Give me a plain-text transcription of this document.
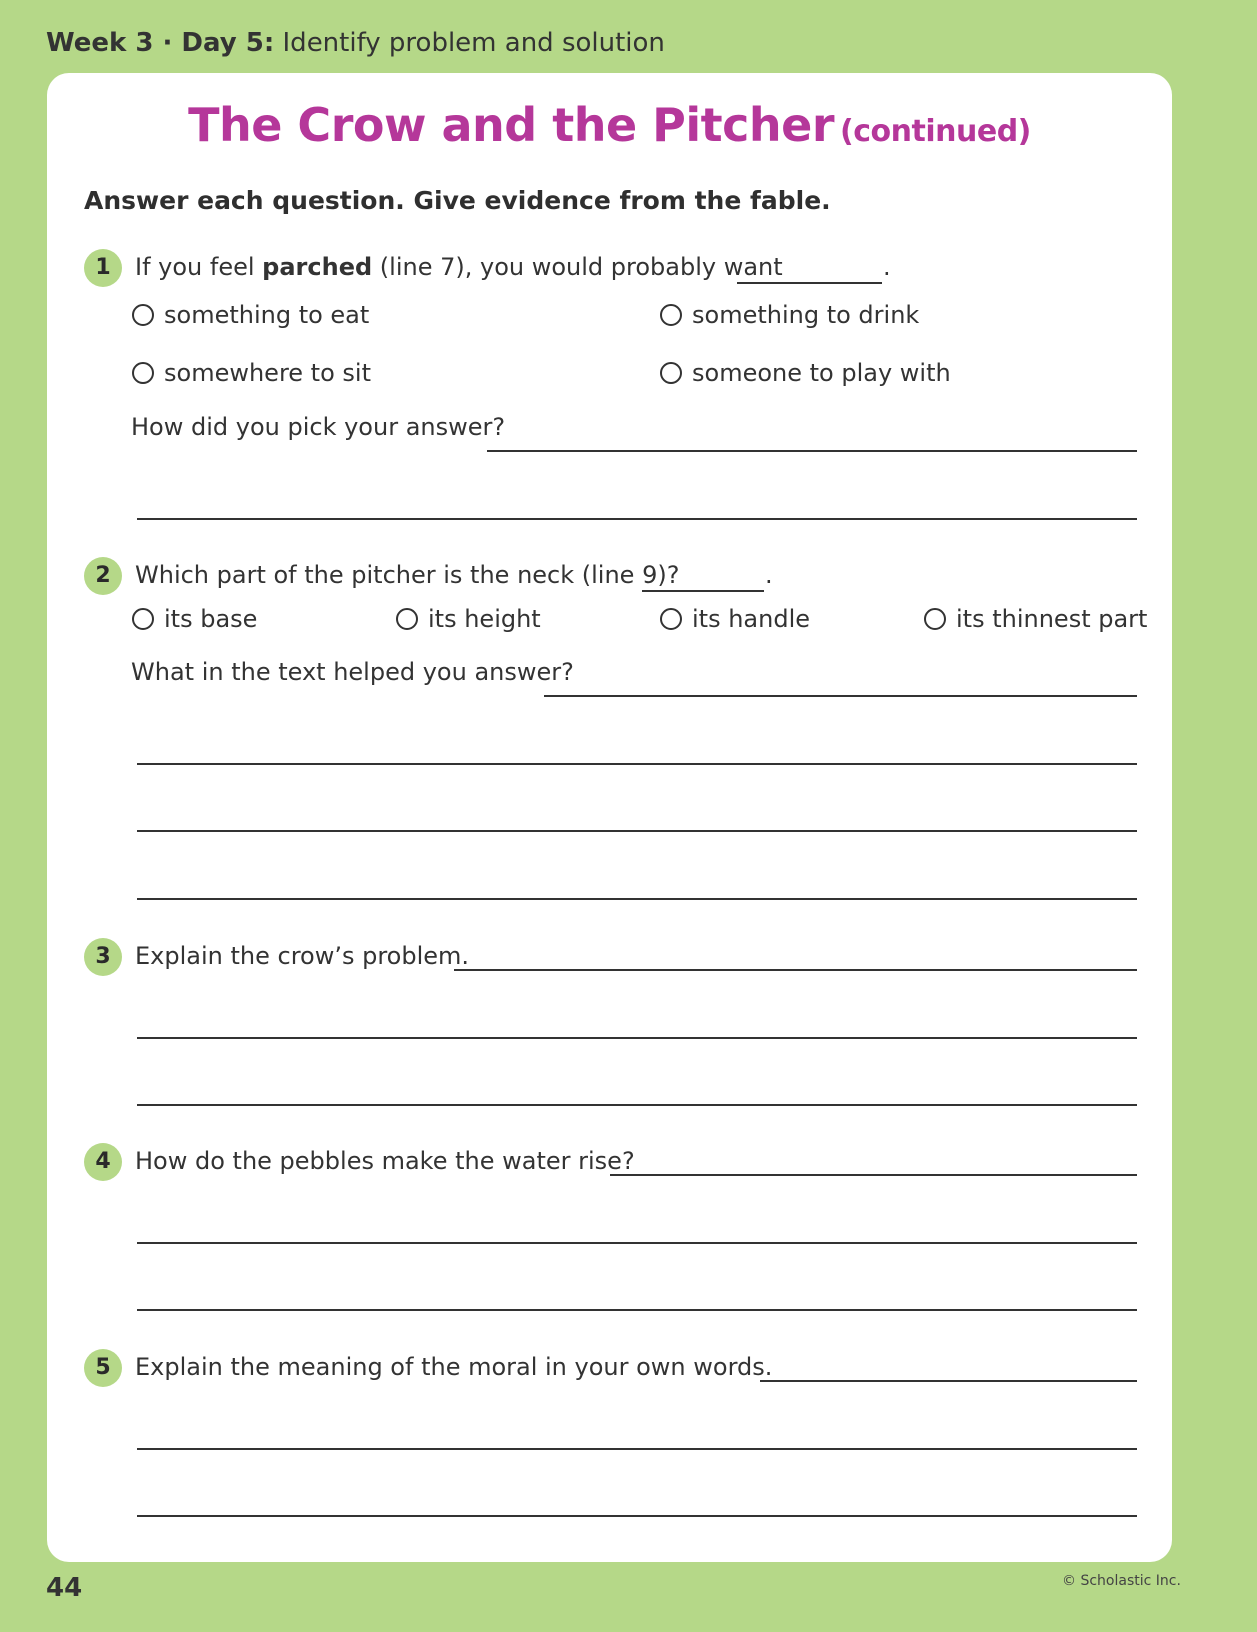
Week 3 · Day 5: Identify problem and solution
The Crow and the Pitcher (continued)
Answer each question. Give evidence from the fable.
1	If you feel parched (line 7), you would probably want	.
something to eat	something to drink
somewhere to sit	someone to play with
How did you pick your answer?
2	Which part of the pitcher is the neck (line 9)?	.
its base	its height	its handle	its thinnest part
What in the text helped you answer?
3	Explain the crow’s problem.
4	How do the pebbles make the water rise?
5	Explain the meaning of the moral in your own words.
44	© Scholastic Inc.
